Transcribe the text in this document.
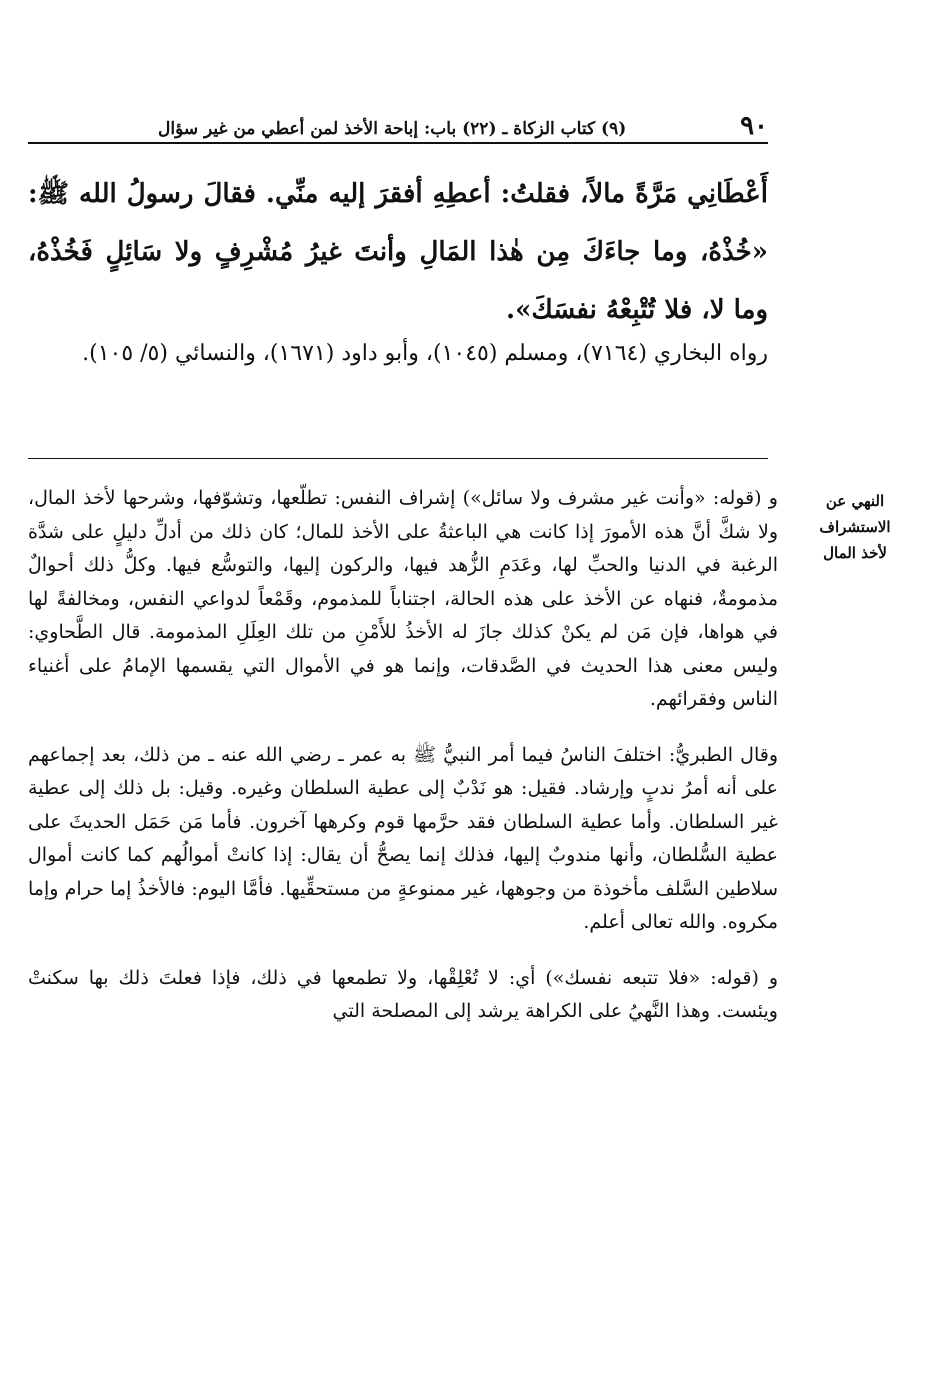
٩٠
(٩) كتاب الزكاة ـ (٢٢) باب: إباحة الأخذ لمن أعطي من غير سؤال

أَعْطَانِي مَرَّةً مالاً، فقلتُ: أعطِهِ أفقرَ إليه منِّي. فقالَ رسولُ الله ﷺ: «خُذْهُ، وما جاءَكَ مِن هٰذا المَالِ وأنتَ غيرُ مُشْرِفٍ ولا سَائِلٍ فَخُذْهُ، وما لا، فلا تُتْبِعْهُ نفسَكَ».

رواه البخاري (٧١٦٤)، ومسلم (١٠٤٥)، وأبو داود (١٦٧١)، والنسائي (٥/ ١٠٥).

النهي عن
الاستشراف
لأخذ المال

و (قوله: «وأنت غير مشرف ولا سائل») إشراف النفس: تطلّعها، وتشوّفها، وشرحها لأخذ المال، ولا شكَّ أنَّ هذه الأمورَ إذا كانت هي الباعثةُ على الأخذ للمال؛ كان ذلك من أدلِّ دليلٍ على شدَّة الرغبة في الدنيا والحبِّ لها، وعَدَمِ الزُّهد فيها، والركون إليها، والتوسُّع فيها. وكلُّ ذلك أحوالٌ مذمومةٌ، فنهاه عن الأخذ على هذه الحالة، اجتناباً للمذموم، وقَمْعاً لدواعي النفس، ومخالفةً لها في هواها، فإن مَن لم يكنْ كذلك جازَ له الأخذُ للأَمْنِ من تلك العِلَلِ المذمومة. قال الطَّحاوي: وليس معنى هذا الحديث في الصَّدقات، وإنما هو في الأموال التي يقسمها الإمامُ على أغنياء الناس وفقرائهم.

وقال الطبريُّ: اختلفَ الناسُ فيما أمر النبيُّ ﷺ به عمر ـ رضي الله عنه ـ من ذلك، بعد إجماعهم على أنه أمرُ ندبٍ وإرشاد. فقيل: هو نَدْبٌ إلى عطية السلطان وغيره. وقيل: بل ذلك إلى عطية غير السلطان. وأما عطية السلطان فقد حرَّمها قوم وكرهها آخرون. فأما مَن حَمَل الحديثَ على عطية السُّلطان، وأنها مندوبٌ إليها، فذلك إنما يصحُّ أن يقال: إذا كانتْ أموالُهم كما كانت أموال سلاطين السَّلف مأخوذة من وجوهها، غير ممنوعةٍ من مستحقِّيها. فأمَّا اليوم: فالأخذُ إما حرام وإما مكروه. والله تعالى أعلم.

و (قوله: «فلا تتبعه نفسك») أي: لا تُعْلِقْها، ولا تطمعها في ذلك، فإذا فعلتَ ذلك بها سكنتْ ويئست. وهذا النَّهيُ على الكراهة يرشد إلى المصلحة التي
